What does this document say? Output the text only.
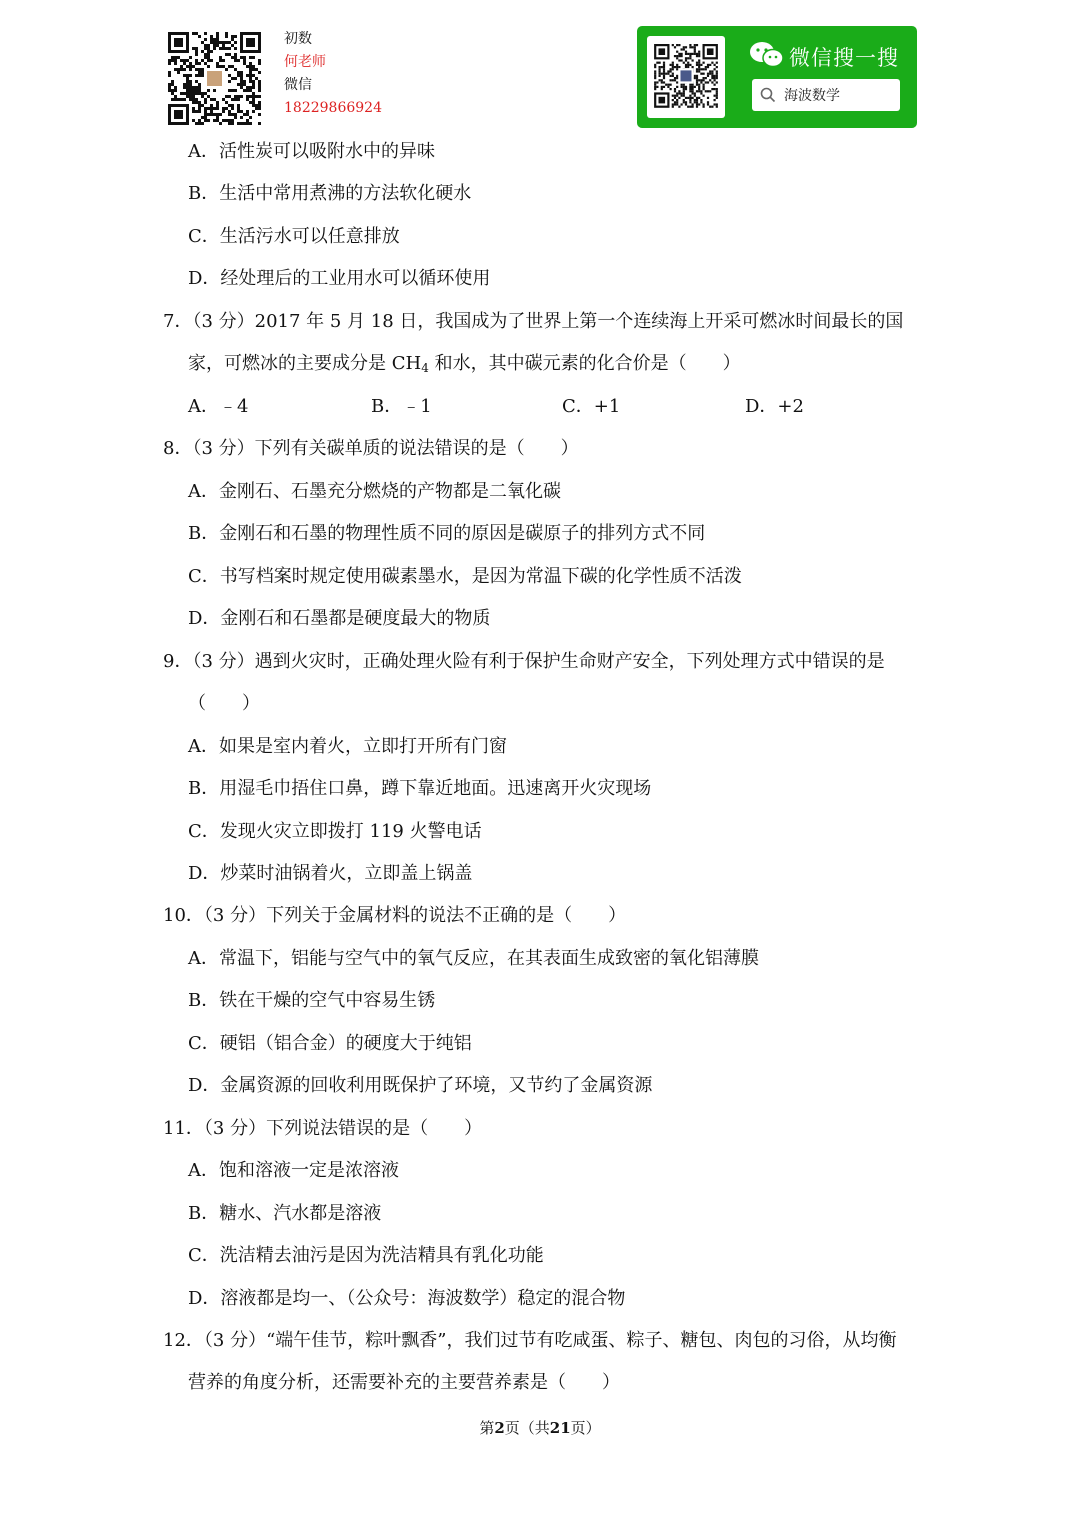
初数
何老师
微信
18229866924
微信搜一搜
海波数学
A．活性炭可以吸附水中的异味
B．生活中常用煮沸的方法软化硬水
C．生活污水可以任意排放
D．经处理后的工业用水可以循环使用
7．（3 分）2017 年 5 月 18 日，我国成为了世界上第一个连续海上开采可燃冰时间最长的国
家，可燃冰的主要成分是 $CH_4$ 和水，其中碳元素的化合价是（　　）
A．﹣4	B．﹣1	C．+1	D．+2
8．（3 分）下列有关碳单质的说法错误的是（　　）
A．金刚石、石墨充分燃烧的产物都是二氧化碳
B．金刚石和石墨的物理性质不同的原因是碳原子的排列方式不同
C．书写档案时规定使用碳素墨水，是因为常温下碳的化学性质不活泼
D．金刚石和石墨都是硬度最大的物质
9．（3 分）遇到火灾时，正确处理火险有利于保护生命财产安全，下列处理方式中错误的是
（　　）
A．如果是室内着火，立即打开所有门窗
B．用湿毛巾捂住口鼻，蹲下靠近地面。迅速离开火灾现场
C．发现火灾立即拨打 119 火警电话
D．炒菜时油锅着火，立即盖上锅盖
10．（3 分）下列关于金属材料的说法不正确的是（　　）
A．常温下，铝能与空气中的氧气反应，在其表面生成致密的氧化铝薄膜
B．铁在干燥的空气中容易生锈
C．硬铝（铝合金）的硬度大于纯铝
D．金属资源的回收利用既保护了环境，又节约了金属资源
11．（3 分）下列说法错误的是（　　）
A．饱和溶液一定是浓溶液
B．糖水、汽水都是溶液
C．洗洁精去油污是因为洗洁精具有乳化功能
D．溶液都是均一、（公众号：海波数学）稳定的混合物
12．（3 分）“端午佳节，粽叶飘香”，我们过节有吃咸蛋、粽子、糖包、肉包的习俗，从均衡
营养的角度分析，还需要补充的主要营养素是（　　）
第2页（共21页）
